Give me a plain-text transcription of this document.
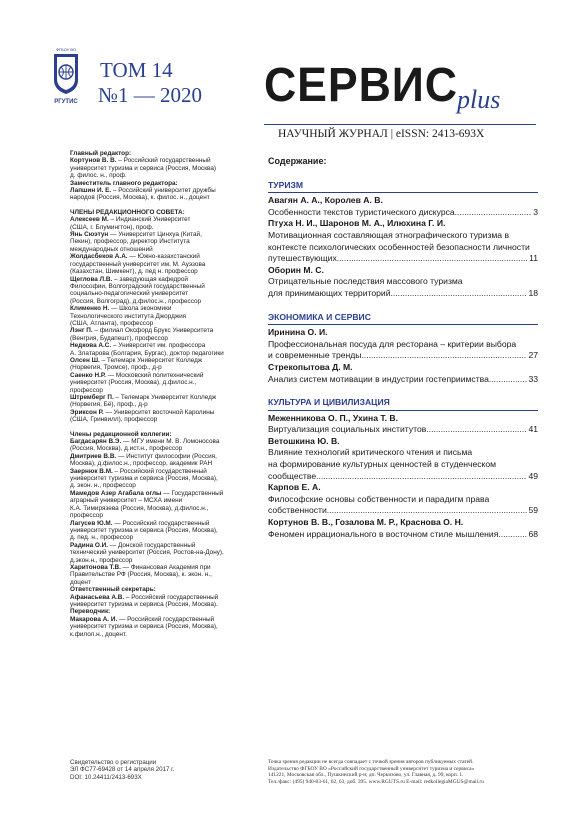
ФГБОУ ВО
РГУТИС
ТОМ 14
№1 — 2020 СЕРВИС plus
НАУЧНЫЙ ЖУРНАЛ | eISSN: 2413-693X
Главный редактор:
Кортунов В. В. – Российский государственный
университет туризма и сервиса (Россия, Москва)
д. филос. н., проф.
Заместитель главного редактора:
Лапшин И. Е. – Российский университет дружбы
народов (Россия, Москва), к. филос. н., доцент
ЧЛЕНЫ РЕДАКЦИОННОГО СОВЕТА:
Алексеев М. – Индианский Университет
(США, г. Блумингтон), проф.
Янь Сюэтун — Университет Цинхуа (Китай,
Пекин), профессор, директор Института
международных отношений
Жолдасбеков А.А. — Южно-казахстанский
государственный университет им. М. Ауэзова
(Казахстан, Шимкент), д. пед н. профессор
Щеглова Л.В. – заведующая кафедрой
Философии, Волгоградский государственный
социально-педагогический университет
(Россия, Волгоград), д.филос.н., профессор
Клименко Н. — Школа экономики
Технологического института Джорджия
(США, Атланта), профессор
Лэнг П. – филиал Оксфорд Брукс Университета
(Венгрия, Будапешт), профессор
Недкова А.С. – Университет им. профессора
А. Златарова (Болгария, Бургас), доктор педагогики
Олсен Ш. – Телемарк Университет Колледж
(Норвегия, Тромсе), проф., д-р
Саенко Н.Р. — Московский политехнический
университет (Россия, Москва), д.филос.н.,
профессор
Штремберг П. – Телемарк Университет Колледж
(Норвегия, Бё), проф., д-р
Эриксон Р. — Университет восточной Каролины
(США, Гринвилл), профессор
Члены редакционной коллегии:
Багдасарян В.Э. — МГУ имени М. В. Ломоносова
(Россия, Москва), д.ист.н., профессор
Дмитриев В.В. — Институт философии (Россия,
Москва), д.филос.н., профессор, академик РАН
Заернюк В.М. – Российский государственный
университет туризма и сервиса (Россия, Москва),
д. экон. н., профессор
Мамедов Азер Агабала оглы — Государственный
аграрный университет – МСХА имени
К.А. Тимирязева (Россия, Москва), д.филос.н.,
профессор
Лагусев Ю.М. — Российский государственный
университет туризма и сервиса (Россия, Москва),
д. пед. н., профессор
Радина О.И. — Донской государственный
технический университет (Россия, Ростов-на-Дону),
д.экон.н., профессор
Харитонова Т.В. — Финансовая Академия при
Правительстве РФ (Россия, Москва), к. экон. н.,
доцент
Ответственный секретарь:
Афанасьева А.В. – Российский государственный
университет туризма и сервиса (Россия, Москва).
Переводчик:
Макарова А. И. — Российский государственный
университет туризма и сервиса (Россия, Москва),
к.филол.н., доцент.
Свидетельство о регистрации
ЭЛ ФС77-69428 от 14 апреля 2017 г.
DOI: 10.24411/2413-693X
Точка зрения редакции не всегда совпадает с точкой зрения авторов публикуемых статей.
Издательство ФГБОУ ВО «Российский государственный университет туризма и сервиса»
141221, Московская обл., Пушкинский р-н, дп. Черкизово, ул. Главная, д. 99, корп. 1.
Тел./факс: (495) 940-83-61, 62, 63, доб. 395. www.RGUTS.ru E-mail: redkollegiaMGUS@mail.ru
Содержание:
ТУРИЗМ
Авагян А. А., Королев А. В.
Особенности текстов туристического дискурса .....	3
Птуха Н. И., Шаронов М. А., Илюхина Г. И.
Мотивационная составляющая этнографического туризма в
контексте психологических особенностей безопасности личности
путешествующих .....	11
Оборин М. С.
Отрицательные последствия массового туризма
для принимающих территорий .....	18
ЭКОНОМИКА И СЕРВИС
Иринина О. И.
Профессиональная посуда для ресторана – критерии выбора
и современные тренды .....	27
Стрекопытова Д. М.
Анализ систем мотивации в индустрии гостеприимства .....	33
КУЛЬТУРА И ЦИВИЛИЗАЦИЯ
Меженникова О. П., Ухина Т. В.
Виртуализация социальных институтов .....	41
Ветошкина Ю. В.
Влияние технологий критического чтения и письма
на формирование культурных ценностей в студенческом
сообществе .....	49
Карпов Е. А.
Философские основы собственности и парадигм права
собственности .....	59
Кортунов В. В., Гозалова М. Р., Краснова О. Н.
Феномен иррационального в восточном стиле мышления .....	68
